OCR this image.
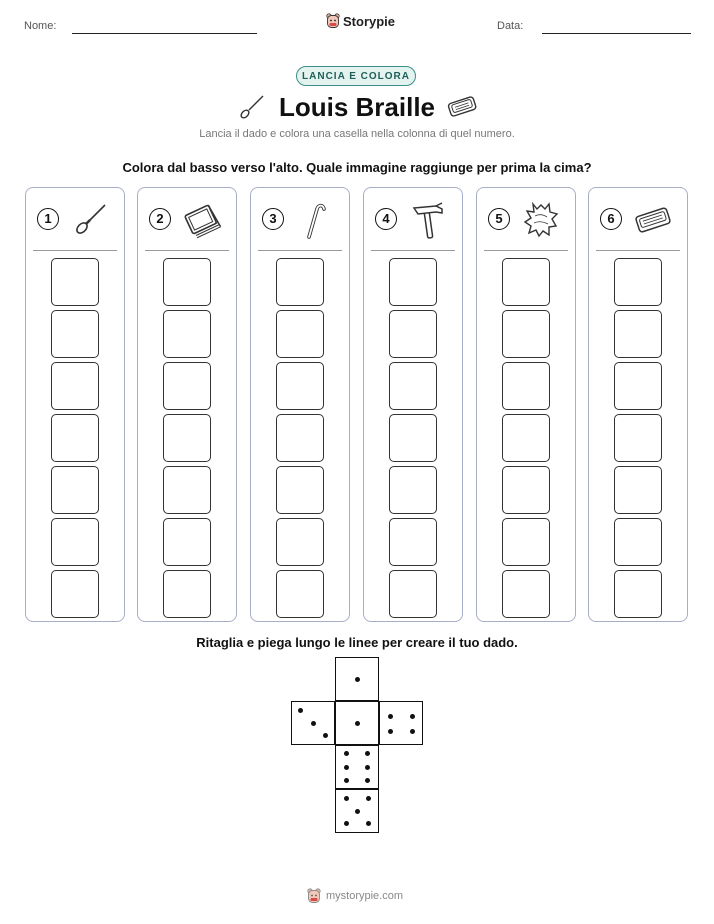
Nome:	Storypie	Data:
LANCIA E COLORA
Louis Braille
Lancia il dado e colora una casella nella colonna di quel numero.
Colora dal basso verso l'alto. Quale immagine raggiunge per prima la cima?
1	2	3	4	5	6
Ritaglia e piega lungo le linee per creare il tuo dado.
mystorypie.com
